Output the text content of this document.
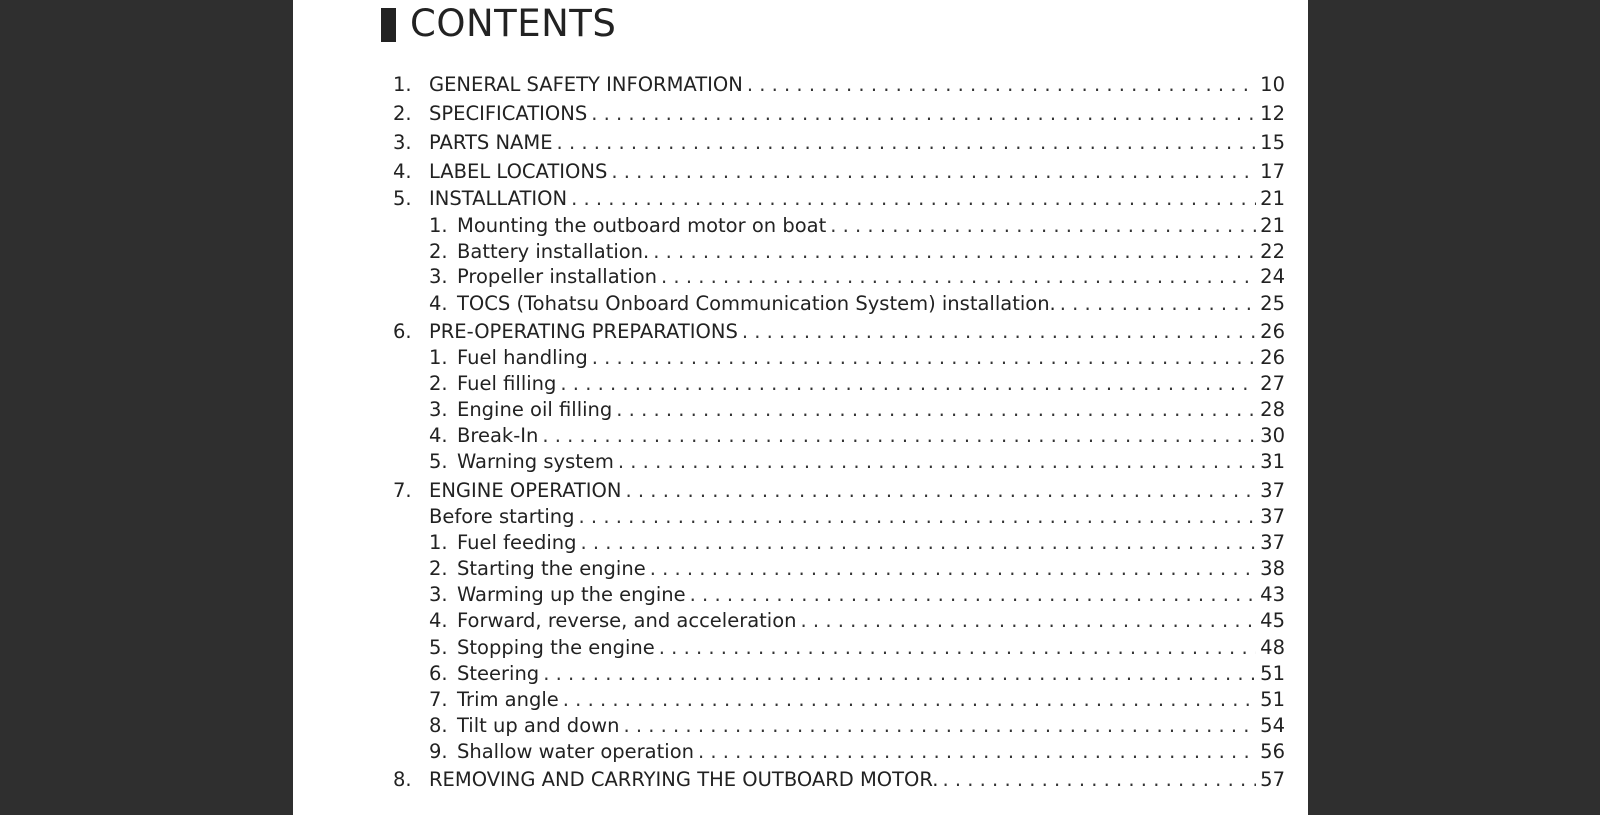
CONTENTS
1. GENERAL SAFETY INFORMATION . . .	10
2. SPECIFICATIONS . . .	12
3. PARTS NAME . . .	15
4. LABEL LOCATIONS . . .	17
5. INSTALLATION . . .	21
1. Mounting the outboard motor on boat . . .	21
2. Battery installation. . . .	22
3. Propeller installation . . .	24
4. TOCS (Tohatsu Onboard Communication System) installation. . . .	25
6. PRE-OPERATING PREPARATIONS . . .	26
1. Fuel handling . . .	26
2. Fuel filling . . .	27
3. Engine oil filling . . .	28
4. Break-In . . .	30
5. Warning system . . .	31
7. ENGINE OPERATION . . .	37
Before starting . . .	37
1. Fuel feeding . . .	37
2. Starting the engine . . .	38
3. Warming up the engine . . .	43
4. Forward, reverse, and acceleration . . .	45
5. Stopping the engine . . .	48
6. Steering . . .	51
7. Trim angle . . .	51
8. Tilt up and down . . .	54
9. Shallow water operation . . .	56
8. REMOVING AND CARRYING THE OUTBOARD MOTOR. . . .	57
